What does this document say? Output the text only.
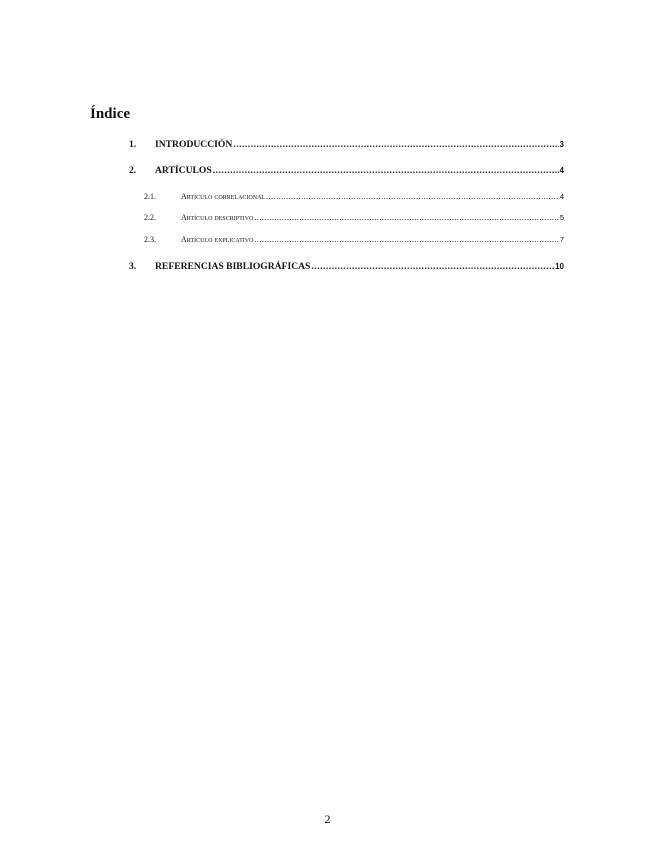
Índice
1.	INTRODUCCIÓN .....	3
2.	ARTÍCULOS .....	4
2.1.	Artículo correlacional .....	4
2.2.	Artículo descriptivo .....	5
2.3.	Artículo explicativo .....	7
3.	REFERENCIAS BIBLIOGRÁFICAS .....	10
2
